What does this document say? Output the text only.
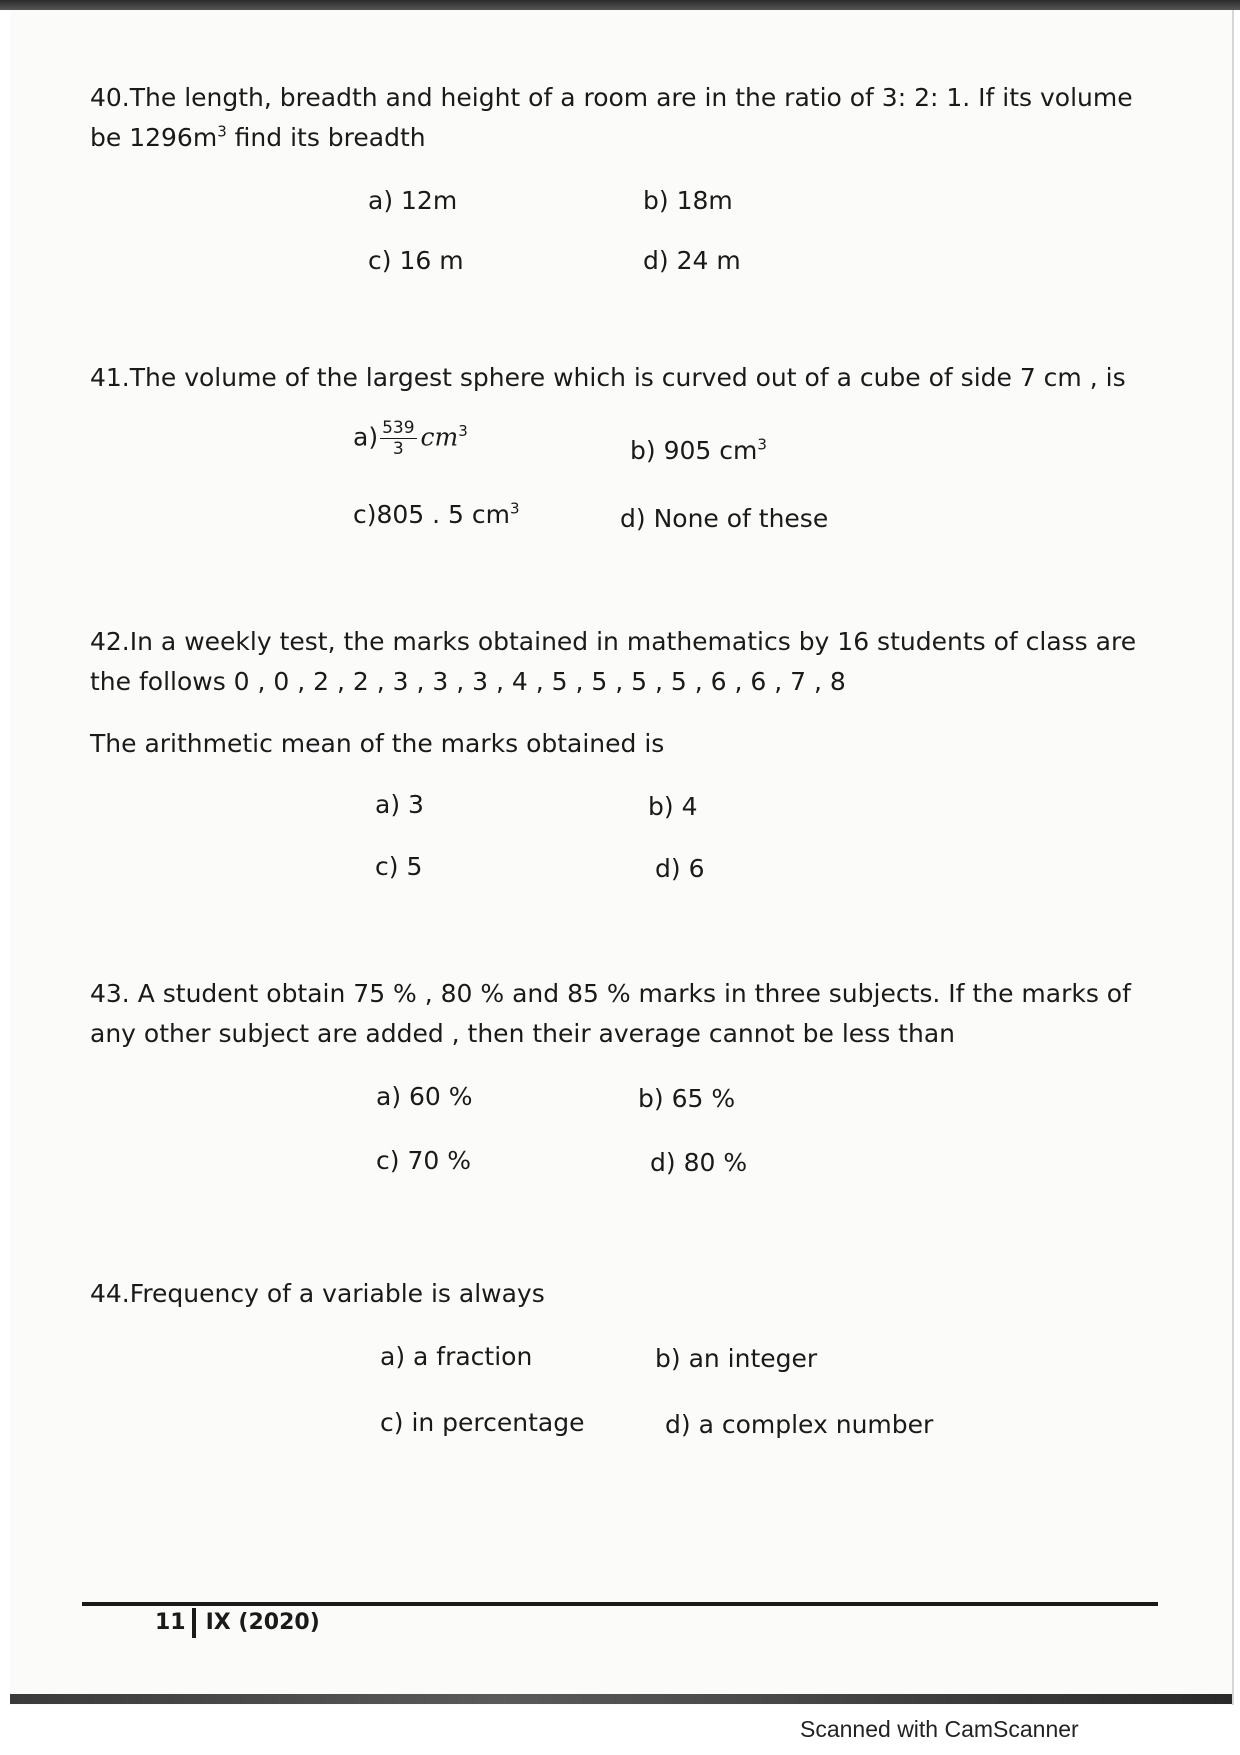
40.The length, breadth and height of a room are in the ratio of 3: 2: 1. If its volume
be $1296m^3$ find its breadth
a) 12m	b) 18m
c) 16 m	d) 24 m
41.The volume of the largest sphere which is curved out of a cube of side 7 cm , is
$a) \frac{539}{3} cm^3$
b) 905 $cm^3$
c)805 . 5 $cm^3$	d) None of these
42.In a weekly test, the marks obtained in mathematics by 16 students of class are
the follows 0 , 0 , 2 , 2 , 3 , 3 , 3 , 4 , 5 , 5 , 5 , 5 , 6 , 6 , 7 , 8
The arithmetic mean of the marks obtained is
a) 3	b) 4
c) 5	d) 6
43. A student obtain 75 % , 80 % and 85 % marks in three subjects. If the marks of
any other subject are added , then their average cannot be less than
a) 60 %	b) 65 %
c) 70 %	d) 80 %
44.Frequency of a variable is always
a) a fraction	b) an integer
c) in percentage	d) a complex number
11 IX (2020)
Scanned with CamScanner
